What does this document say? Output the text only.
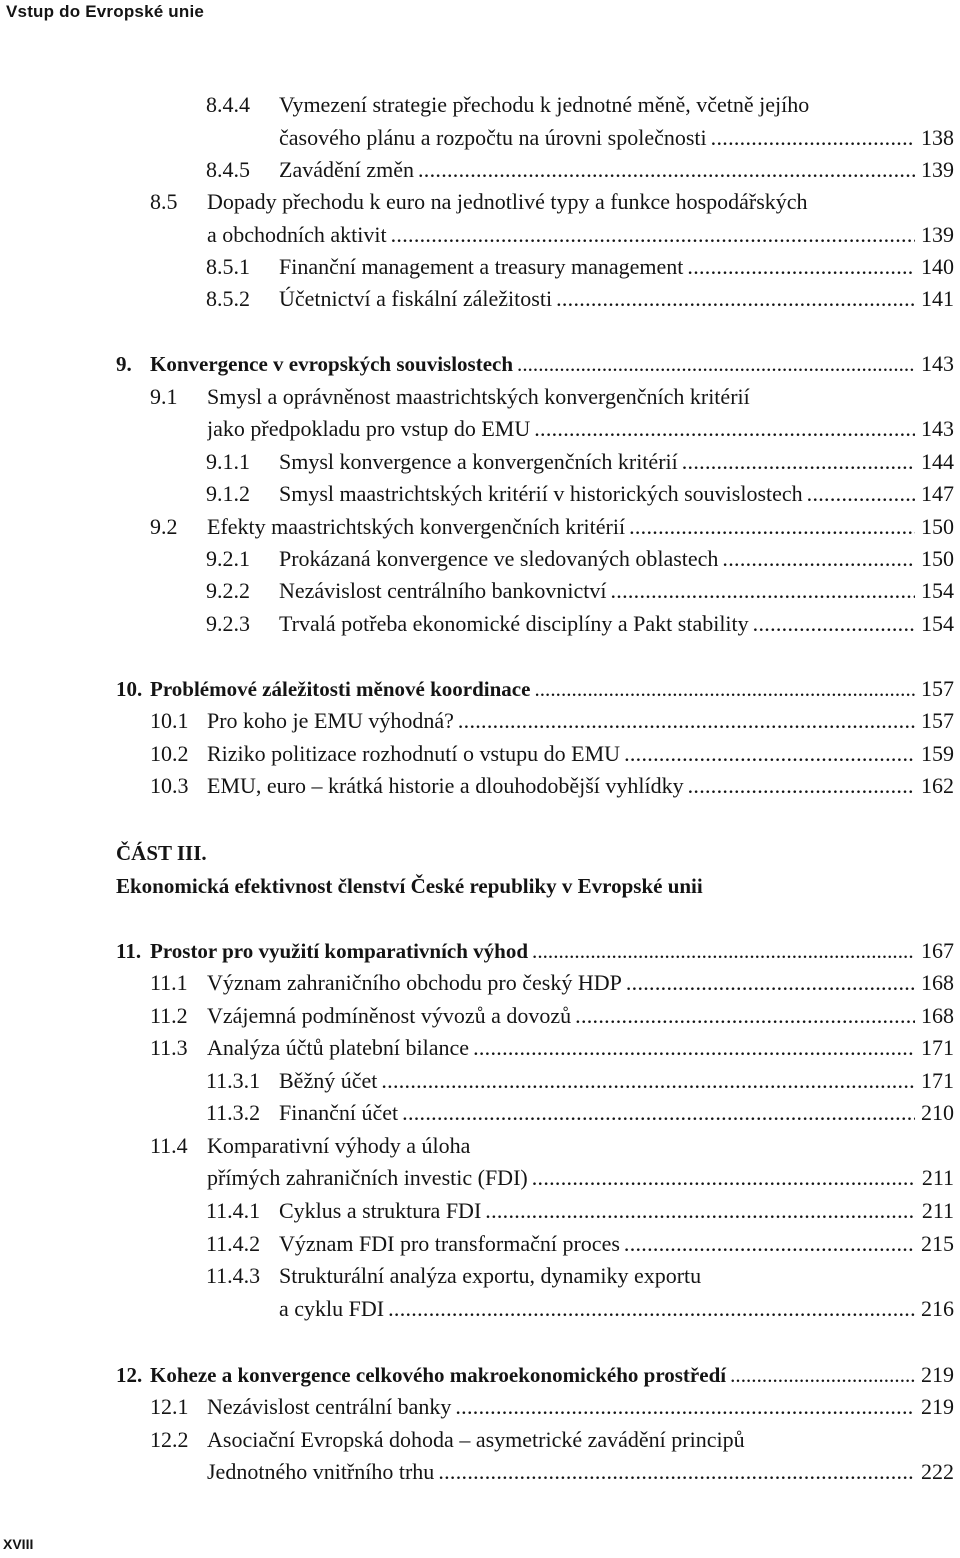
Vstup do Evropské unie
8.4.4 Vymezení strategie přechodu k jednotné měně, včetně jejího
časového plánu a rozpočtu na úrovni společnosti . . .	138
8.4.5 Zavádění změn . . .	139
8.5 Dopady přechodu k euro na jednotlivé typy a funkce hospodářských
a obchodních aktivit . . .	139
8.5.1 Finanční management a treasury management . . .	140
8.5.2 Účetnictví a fiskální záležitosti . . .	141
9. Konvergence v evropských souvislostech . . .	143
9.1 Smysl a oprávněnost maastrichtských konvergenčních kritérií
jako předpokladu pro vstup do EMU . . .	143
9.1.1 Smysl konvergence a konvergenčních kritérií . . .	144
9.1.2 Smysl maastrichtských kritérií v historických souvislostech . . .	147
9.2 Efekty maastrichtských konvergenčních kritérií . . .	150
9.2.1 Prokázaná konvergence ve sledovaných oblastech . . .	150
9.2.2 Nezávislost centrálního bankovnictví . . .	154
9.2.3 Trvalá potřeba ekonomické disciplíny a Pakt stability . . .	154
10. Problémové záležitosti měnové koordinace . . .	157
10.1 Pro koho je EMU výhodná? . . .	157
10.2 Riziko politizace rozhodnutí o vstupu do EMU . . .	159
10.3 EMU, euro – krátká historie a dlouhodobější vyhlídky . . .	162
ČÁST III.
Ekonomická efektivnost členství České republiky v Evropské unii
11. Prostor pro využití komparativních výhod . . .	167
11.1 Význam zahraničního obchodu pro český HDP . . .	168
11.2 Vzájemná podmíněnost vývozů a dovozů . . .	168
11.3 Analýza účtů platební bilance . . .	171
11.3.1 Běžný účet . . .	171
11.3.2 Finanční účet . . .	210
11.4 Komparativní výhody a úloha
přímých zahraničních investic (FDI) . . .	211
11.4.1 Cyklus a struktura FDI . . .	211
11.4.2 Význam FDI pro transformační proces . . .	215
11.4.3 Strukturální analýza exportu, dynamiky exportu
a cyklu FDI . . .	216
12. Koheze a konvergence celkového makroekonomického prostředí . . .	219
12.1 Nezávislost centrální banky . . .	219
12.2 Asociační Evropská dohoda – asymetrické zavádění principů
Jednotného vnitřního trhu . . .	222
XVIII
